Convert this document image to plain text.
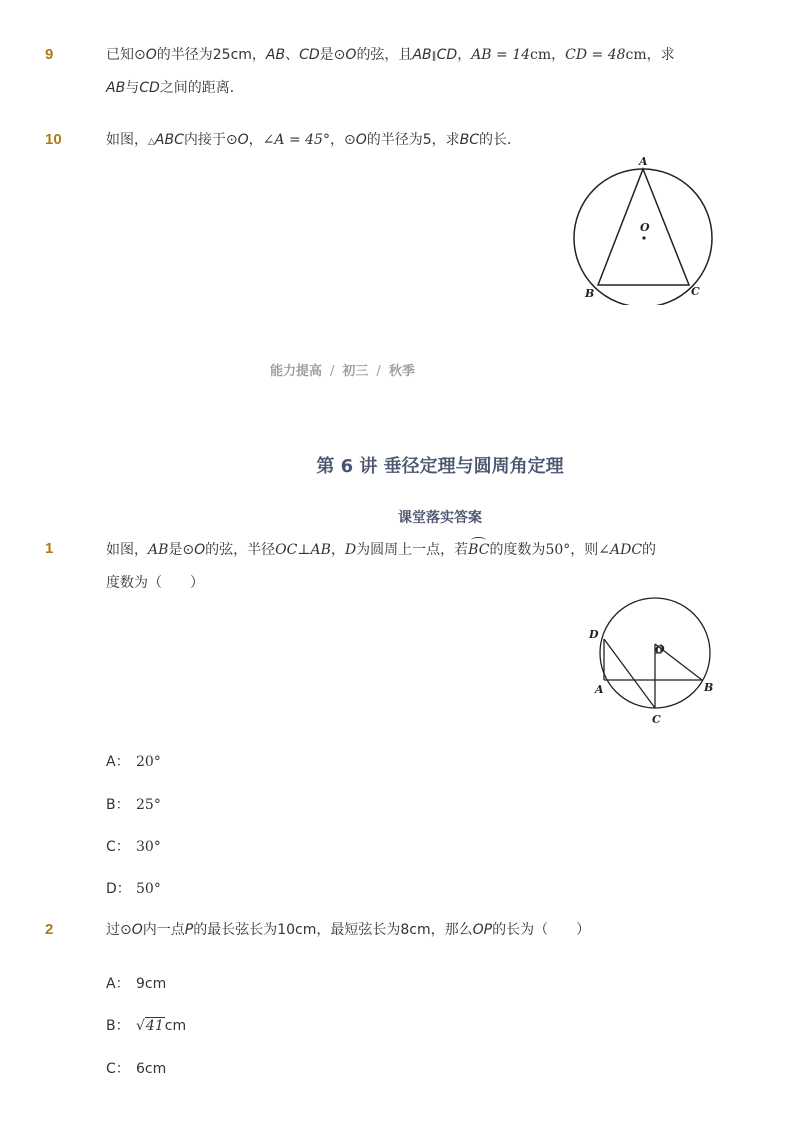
9	已知⊙O的半径为25cm，AB、CD是⊙O的弦，且AB∥CD，AB = 14cm，CD = 48cm，求
AB与CD之间的距离．
10	如图，△ABC内接于⊙O，∠A = 45°，⊙O的半径为5，求BC的长．
A
B	C
O
能力提高 / 初三 / 秋季
第 6 讲 垂径定理与圆周角定理
课堂落实答案
1	如图，AB是⊙O的弦，半径OC⊥AB，D为圆周上一点，若BC的度数为50°，则∠ADC的
度数为（　　）
D
O
A	B
C
A： 20°
B： 25°
C： 30°
D： 50°
2	过⊙O内一点P的最长弦长为10cm，最短弦长为8cm，那么OP的长为（　　）
A： 9cm
B： √41cm
C： 6cm
